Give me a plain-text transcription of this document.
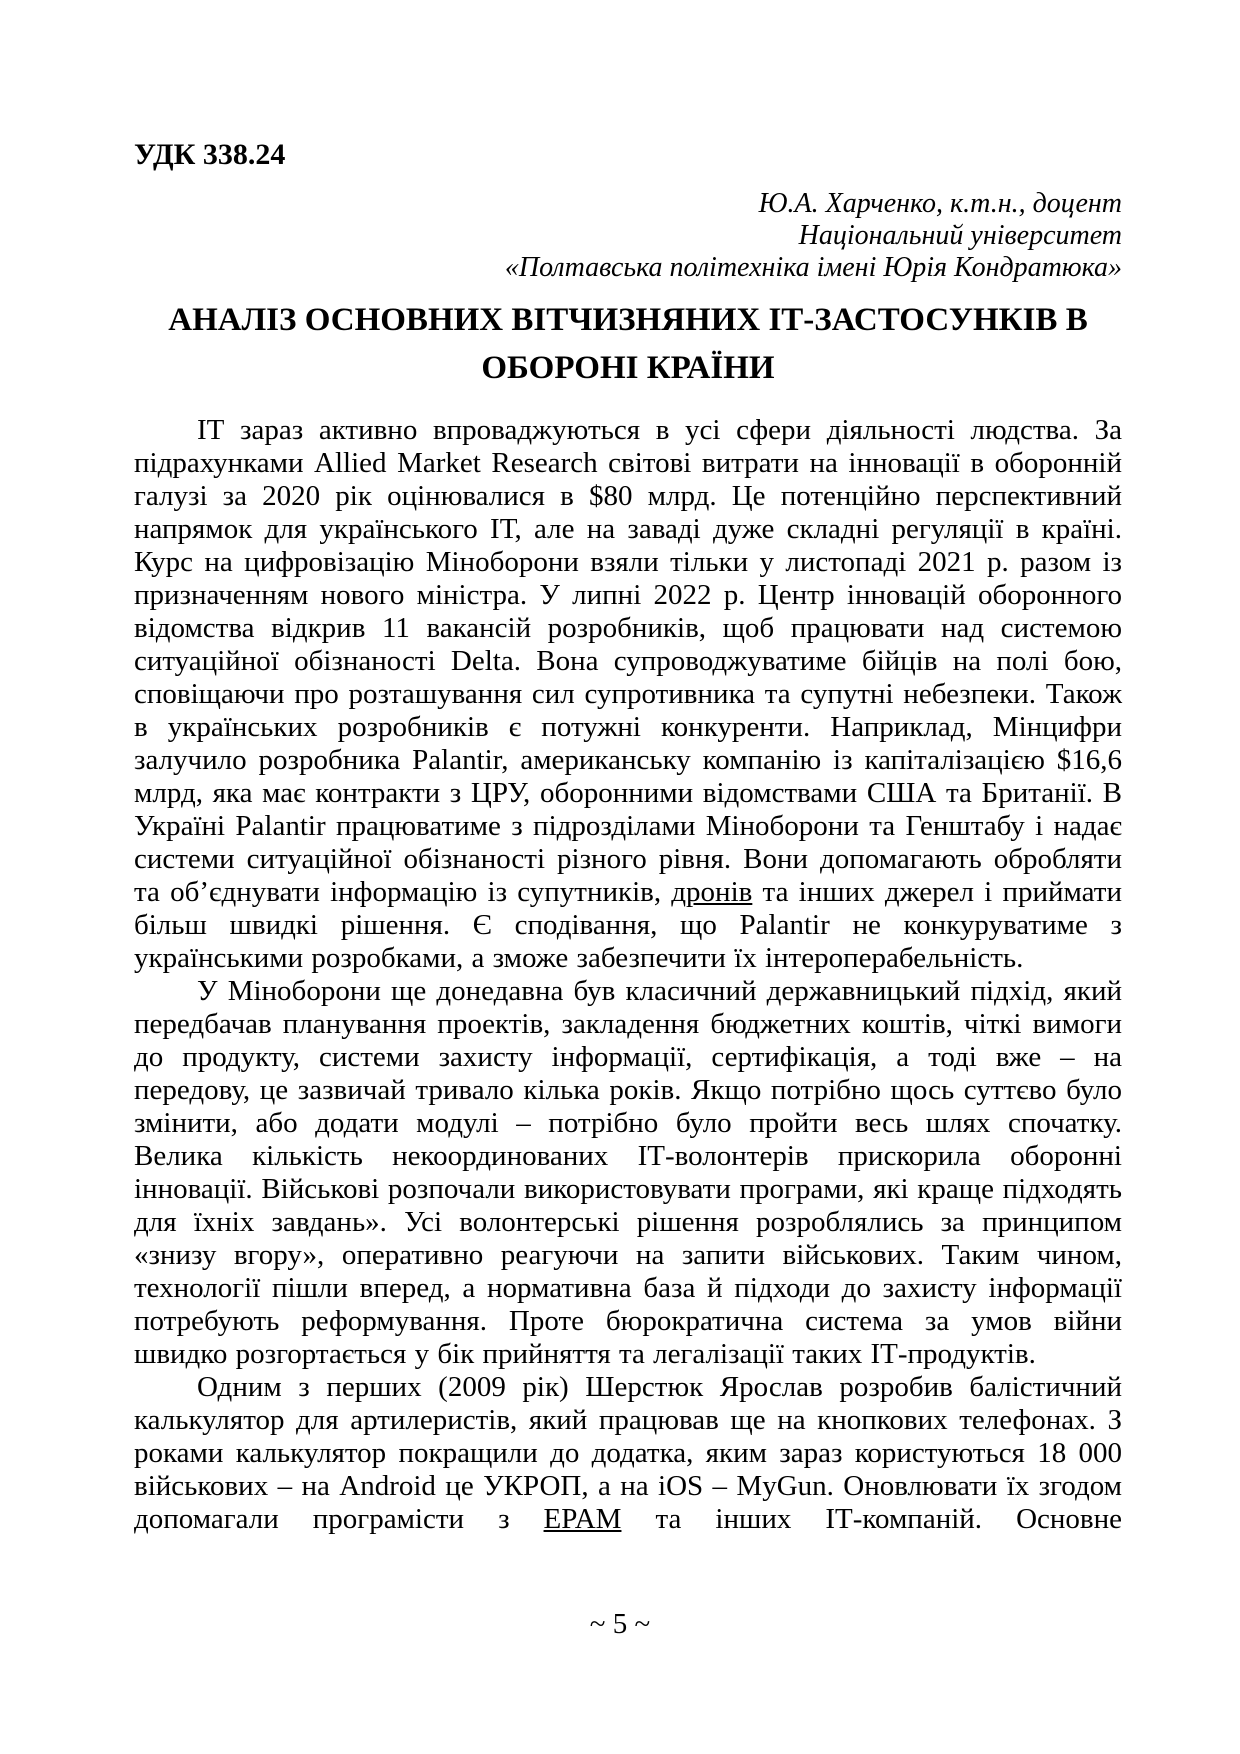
УДК 338.24
Ю.А. Харченко, к.т.н., доцент
Національний університет
«Полтавська політехніка імені Юрія Кондратюка»
АНАЛІЗ ОСНОВНИХ ВІТЧИЗНЯНИХ ІТ-ЗАСТОСУНКІВ В
ОБОРОНІ КРАЇНИ

ІТ зараз активно впроваджуються в усі сфери діяльності людства. За підрахунками Allied Market Research світові витрати на інновації в оборонній галузі за 2020 рік оцінювалися в $80 млрд. Це потенційно перспективний напрямок для українського ІТ, але на заваді дуже складні регуляції в країні. Курс на цифровізацію Міноборони взяли тільки у листопаді 2021 р. разом із призначенням нового міністра. У липні 2022 р. Центр інновацій оборонного відомства відкрив 11 вакансій розробників, щоб працювати над системою ситуаційної обізнаності Delta. Вона супроводжуватиме бійців на полі бою, сповіщаючи про розташування сил супротивника та супутні небезпеки. Також в українських розробників є потужні конкуренти. Наприклад, Мінцифри залучило розробника Palantir, американську компанію із капіталізацією $16,6 млрд, яка має контракти з ЦРУ, оборонними відомствами США та Британії. В Україні Palantir працюватиме з підрозділами Міноборони та Генштабу і надає системи ситуаційної обізнаності різного рівня. Вони допомагають обробляти та об’єднувати інформацію із супутників, дронів та інших джерел і приймати більш швидкі рішення. Є сподівання, що Palantir не конкуруватиме з українськими розробками, а зможе забезпечити їх інтероперабельність.

У Міноборони ще донедавна був класичний державницький підхід, який передбачав планування проектів, закладення бюджетних коштів, чіткі вимоги до продукту, системи захисту інформації, сертифікація, а тоді вже – на передову, це зазвичай тривало кілька років. Якщо потрібно щось суттєво було змінити, або додати модулі – потрібно було пройти весь шлях спочатку. Велика кількість некоординованих ІТ-волонтерів прискорила оборонні інновації. Військові розпочали використовувати програми, які краще підходять для їхніх завдань». Усі волонтерські рішення розроблялись за принципом «знизу вгору», оперативно реагуючи на запити військових. Таким чином, технології пішли вперед, а нормативна база й підходи до захисту інформації потребують реформування. Проте бюрократична система за умов війни швидко розгортається у бік прийняття та легалізації таких ІТ-продуктів.

Одним з перших (2009 рік) Шерстюк Ярослав розробив балістичний калькулятор для артилеристів, який працював ще на кнопкових телефонах. З роками калькулятор покращили до додатка, яким зараз користуються 18 000 військових – на Android це УКРОП, а на iOS – MyGun. Оновлювати їх згодом допомагали програмісти з EPAM та інших ІТ-компаній. Основне

~ 5 ~
